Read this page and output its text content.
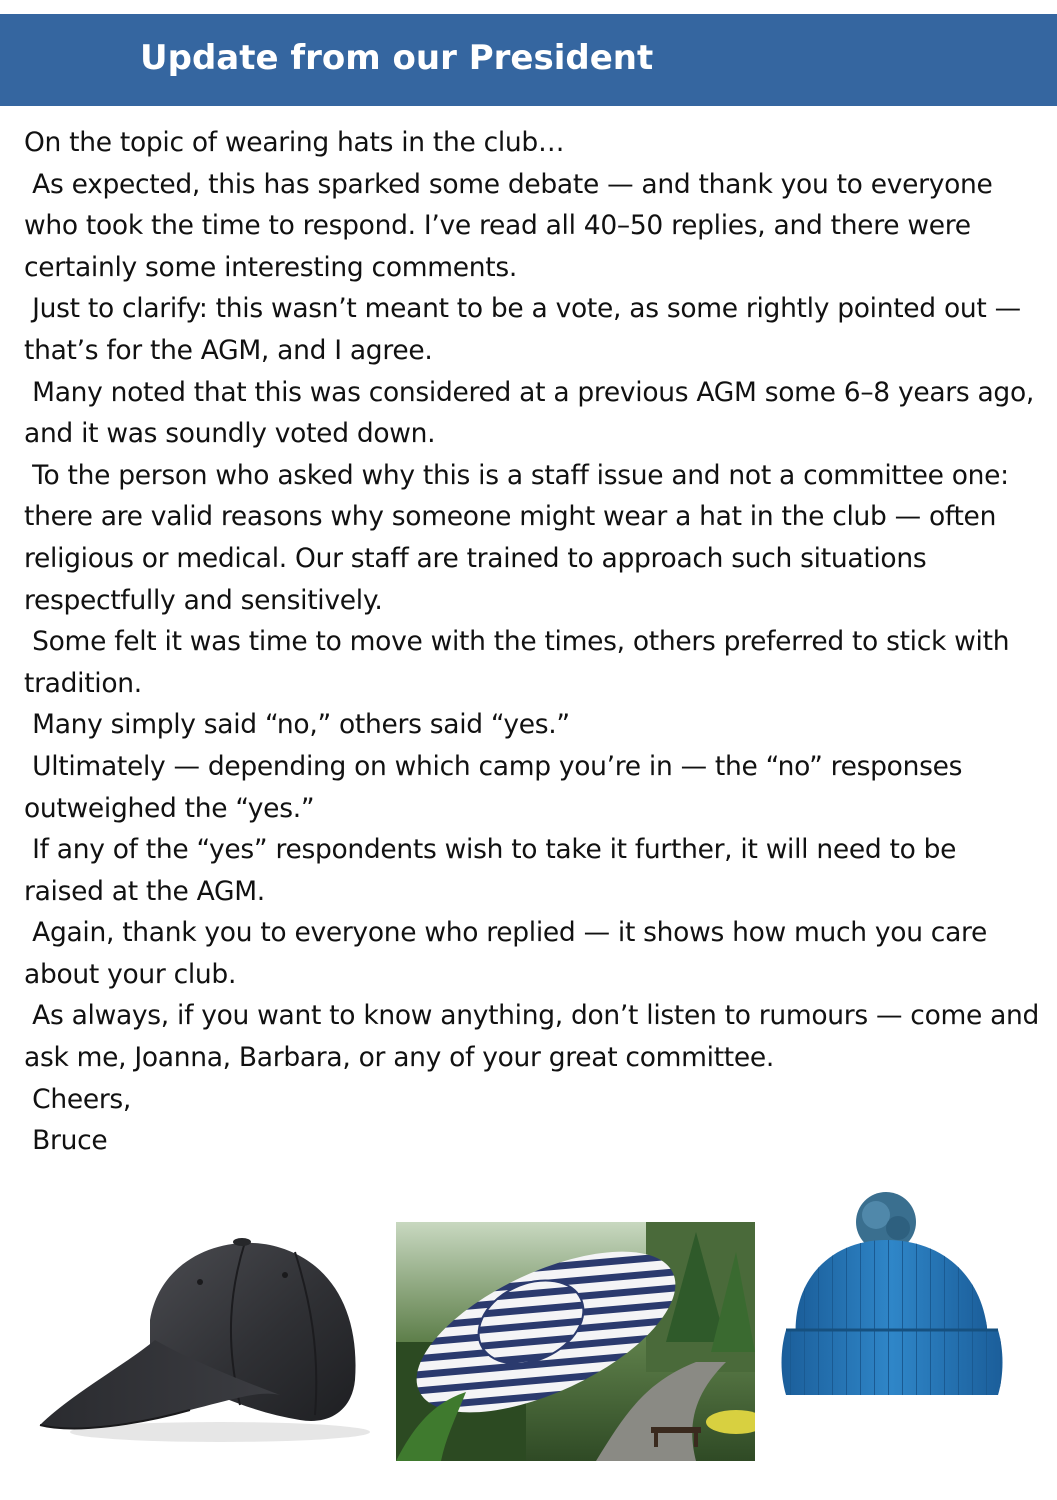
Update from our President

On the topic of wearing hats in the club…

As expected, this has sparked some debate — and thank you to everyone who took the time to respond. I’ve read all 40–50 replies, and there were certainly some interesting comments.

Just to clarify: this wasn’t meant to be a vote, as some rightly pointed out — that’s for the AGM, and I agree.

Many noted that this was considered at a previous AGM some 6–8 years ago, and it was soundly voted down.

To the person who asked why this is a staff issue and not a committee one: there are valid reasons why someone might wear a hat in the club — often religious or medical. Our staff are trained to approach such situations respectfully and sensitively.

Some felt it was time to move with the times, others preferred to stick with tradition.

Many simply said “no,” others said “yes.”

Ultimately — depending on which camp you’re in — the “no” responses outweighed the “yes.”

If any of the “yes” respondents wish to take it further, it will need to be raised at the AGM.

Again, thank you to everyone who replied — it shows how much you care about your club.

As always, if you want to know anything, don’t listen to rumours — come and ask me, Joanna, Barbara, or any of your great committee.

Cheers,

Bruce
